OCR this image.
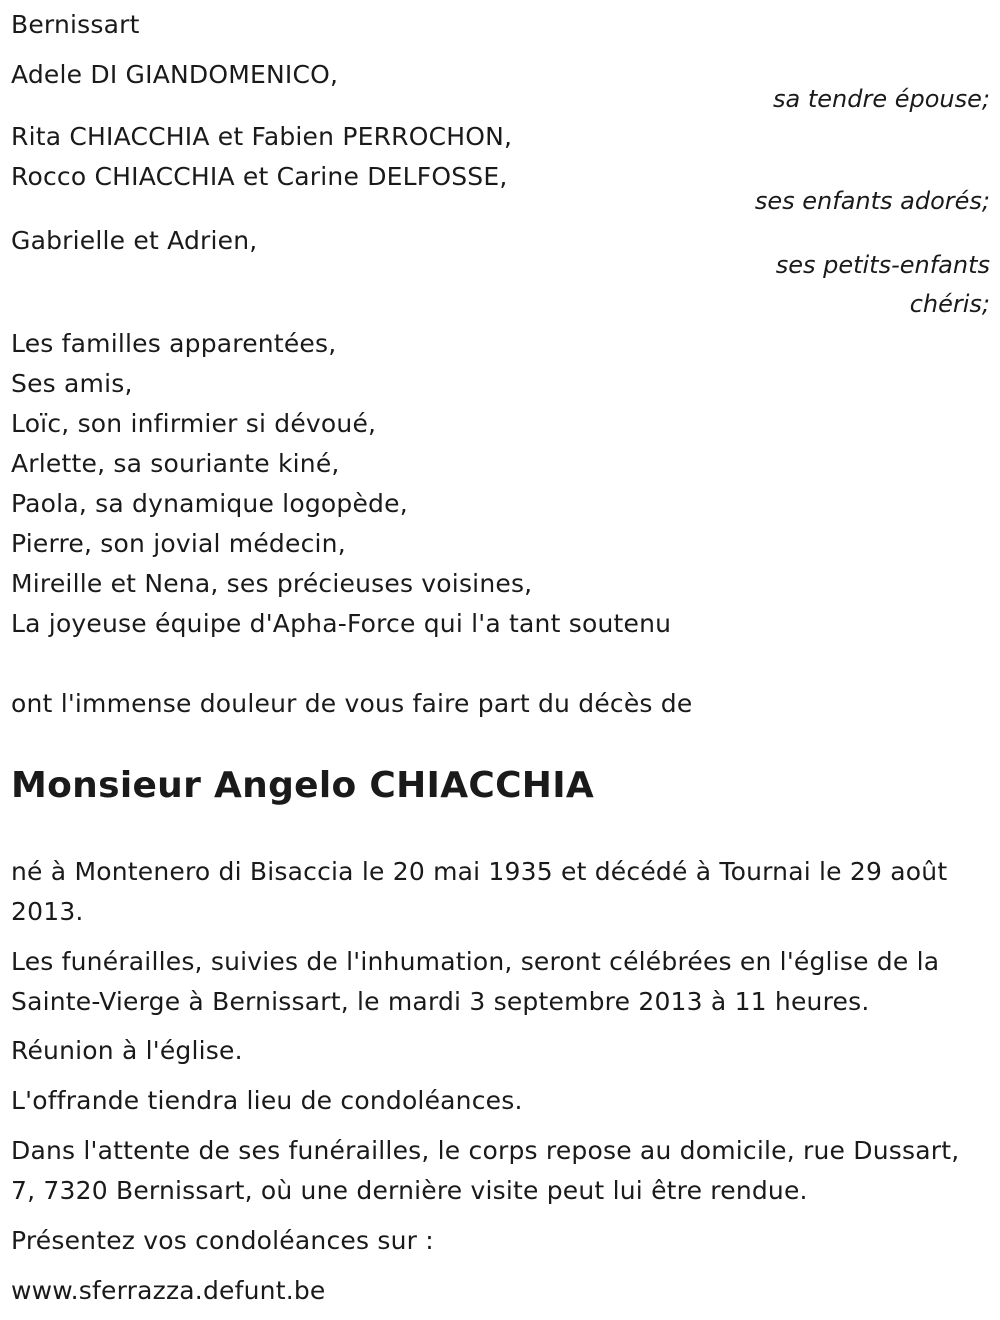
Bernissart
Adele DI GIANDOMENICO,
sa tendre épouse;
Rita CHIACCHIA et Fabien PERROCHON,
Rocco CHIACCHIA et Carine DELFOSSE,
ses enfants adorés;
Gabrielle et Adrien,
ses petits-enfants
chéris;
Les familles apparentées,
Ses amis,
Loïc, son infirmier si dévoué,
Arlette, sa souriante kiné,
Paola, sa dynamique logopède,
Pierre, son jovial médecin,
Mireille et Nena, ses précieuses voisines,
La joyeuse équipe d'Apha-Force qui l'a tant soutenu
ont l'immense douleur de vous faire part du décès de
Monsieur Angelo CHIACCHIA
né à Montenero di Bisaccia le 20 mai 1935 et décédé à Tournai le 29 août 2013.
Les funérailles, suivies de l'inhumation, seront célébrées en l'église de la Sainte-Vierge à Bernissart, le mardi 3 septembre 2013 à 11 heures.
Réunion à l'église.
L'offrande tiendra lieu de condoléances.
Dans l'attente de ses funérailles, le corps repose au domicile, rue Dussart, 7, 7320 Bernissart, où une dernière visite peut lui être rendue.
Présentez vos condoléances sur :
www.sferrazza.defunt.be
